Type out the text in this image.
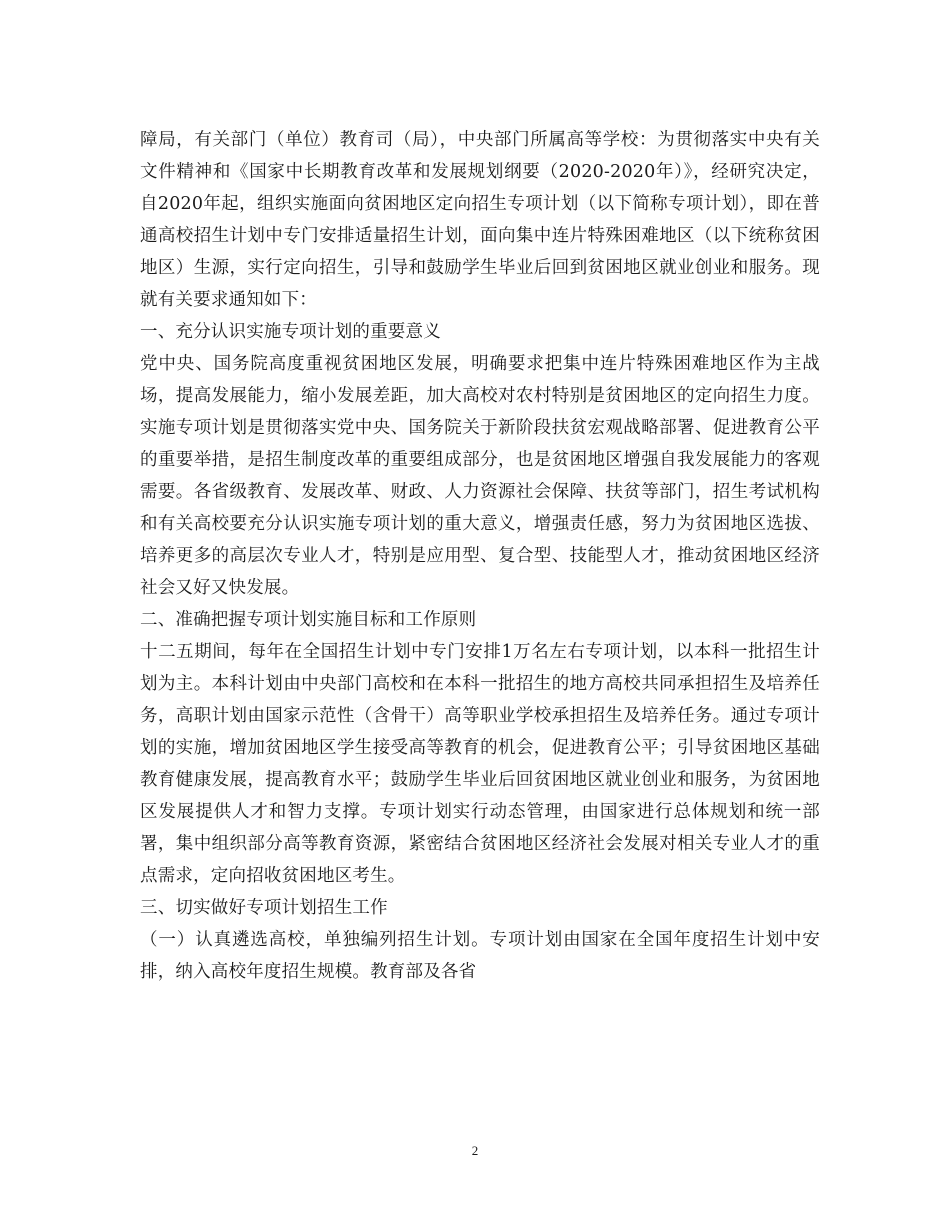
障局，有关部门（单位）教育司（局），中央部门所属高等学校：为贯彻落实中央有关文件精神和《国家中长期教育改革和发展规划纲要（2020-2020年）》，经研究决定，自2020年起，组织实施面向贫困地区定向招生专项计划（以下简称专项计划），即在普通高校招生计划中专门安排适量招生计划，面向集中连片特殊困难地区（以下统称贫困地区）生源，实行定向招生，引导和鼓励学生毕业后回到贫困地区就业创业和服务。现就有关要求通知如下：

一、充分认识实施专项计划的重要意义

党中央、国务院高度重视贫困地区发展，明确要求把集中连片特殊困难地区作为主战场，提高发展能力，缩小发展差距，加大高校对农村特别是贫困地区的定向招生力度。实施专项计划是贯彻落实党中央、国务院关于新阶段扶贫宏观战略部署、促进教育公平的重要举措，是招生制度改革的重要组成部分，也是贫困地区增强自我发展能力的客观需要。各省级教育、发展改革、财政、人力资源社会保障、扶贫等部门，招生考试机构和有关高校要充分认识实施专项计划的重大意义，增强责任感，努力为贫困地区选拔、培养更多的高层次专业人才，特别是应用型、复合型、技能型人才，推动贫困地区经济社会又好又快发展。

二、准确把握专项计划实施目标和工作原则

十二五期间，每年在全国招生计划中专门安排1万名左右专项计划，以本科一批招生计划为主。本科计划由中央部门高校和在本科一批招生的地方高校共同承担招生及培养任务，高职计划由国家示范性（含骨干）高等职业学校承担招生及培养任务。通过专项计划的实施，增加贫困地区学生接受高等教育的机会，促进教育公平；引导贫困地区基础教育健康发展，提高教育水平；鼓励学生毕业后回贫困地区就业创业和服务，为贫困地区发展提供人才和智力支撑。专项计划实行动态管理，由国家进行总体规划和统一部署，集中组织部分高等教育资源，紧密结合贫困地区经济社会发展对相关专业人才的重点需求，定向招收贫困地区考生。

三、切实做好专项计划招生工作

（一）认真遴选高校，单独编列招生计划。专项计划由国家在全国年度招生计划中安排，纳入高校年度招生规模。教育部及各省

2
